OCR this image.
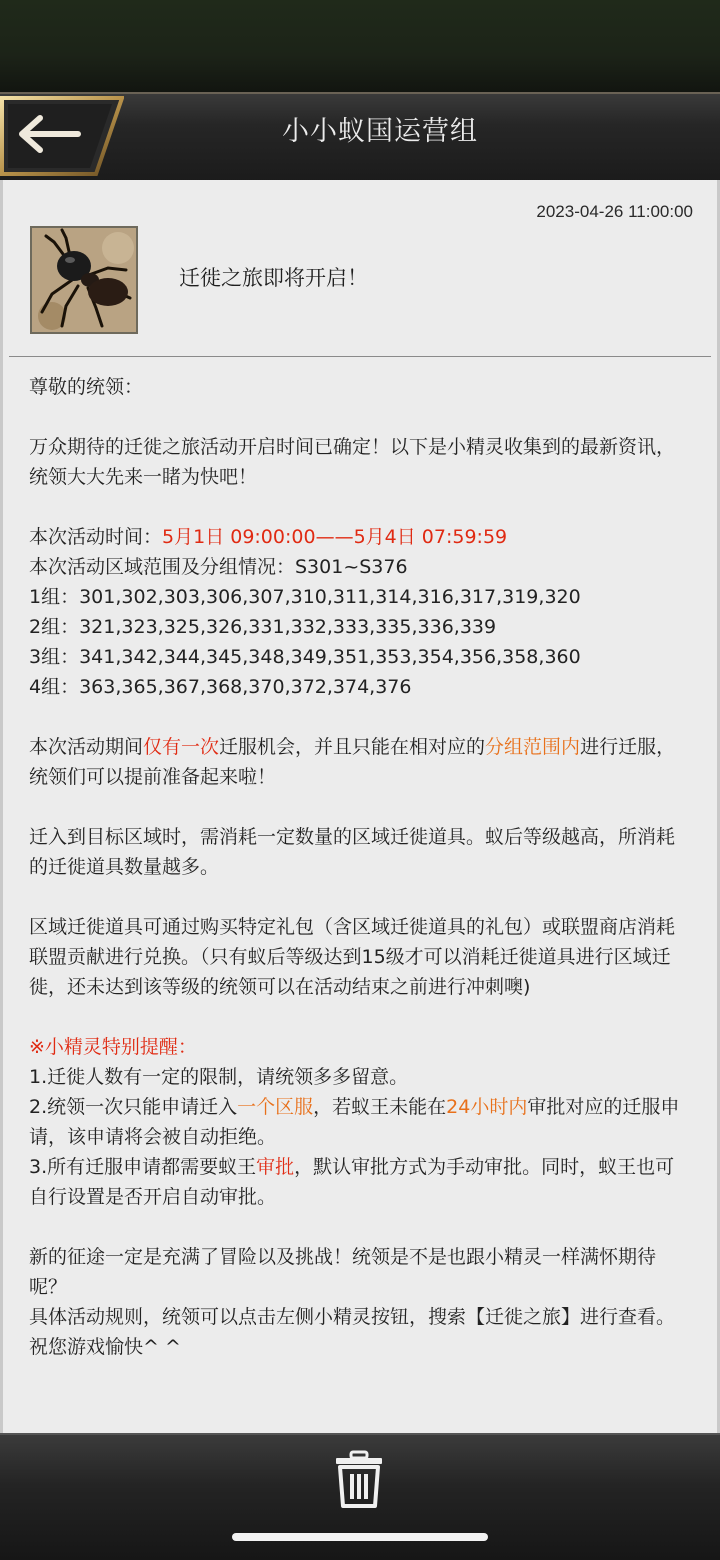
小小蚁国运营组
2023-04-26 11:00:00
迁徙之旅即将开启！

尊敬的统领：

万众期待的迁徙之旅活动开启时间已确定！以下是小精灵收集到的最新资讯，统领大大先来一睹为快吧！

本次活动时间：5月1日 09:00:00——5月4日 07:59:59

本次活动区域范围及分组情况：S301~S376

1组：301,302,303,306,307,310,311,314,316,317,319,320

2组：321,323,325,326,331,332,333,335,336,339

3组：341,342,344,345,348,349,351,353,354,356,358,360

4组：363,365,367,368,370,372,374,376

本次活动期间仅有一次迁服机会，并且只能在相对应的分组范围内进行迁服，统领们可以提前准备起来啦！

迁入到目标区域时，需消耗一定数量的区域迁徙道具。蚁后等级越高，所消耗的迁徙道具数量越多。

区域迁徙道具可通过购买特定礼包（含区域迁徙道具的礼包）或联盟商店消耗联盟贡献进行兑换。（只有蚁后等级达到15级才可以消耗迁徙道具进行区域迁徙，还未达到该等级的统领可以在活动结束之前进行冲刺噢)

※小精灵特别提醒：

1.迁徙人数有一定的限制，请统领多多留意。

2.统领一次只能申请迁入一个区服，若蚁王未能在24小时内审批对应的迁服申请，该申请将会被自动拒绝。

3.所有迁服申请都需要蚁王审批，默认审批方式为手动审批。同时，蚁王也可自行设置是否开启自动审批。

新的征途一定是充满了冒险以及挑战！统领是不是也跟小精灵一样满怀期待呢？

具体活动规则，统领可以点击左侧小精灵按钮，搜索【迁徙之旅】进行查看。

祝您游戏愉快^ ^
